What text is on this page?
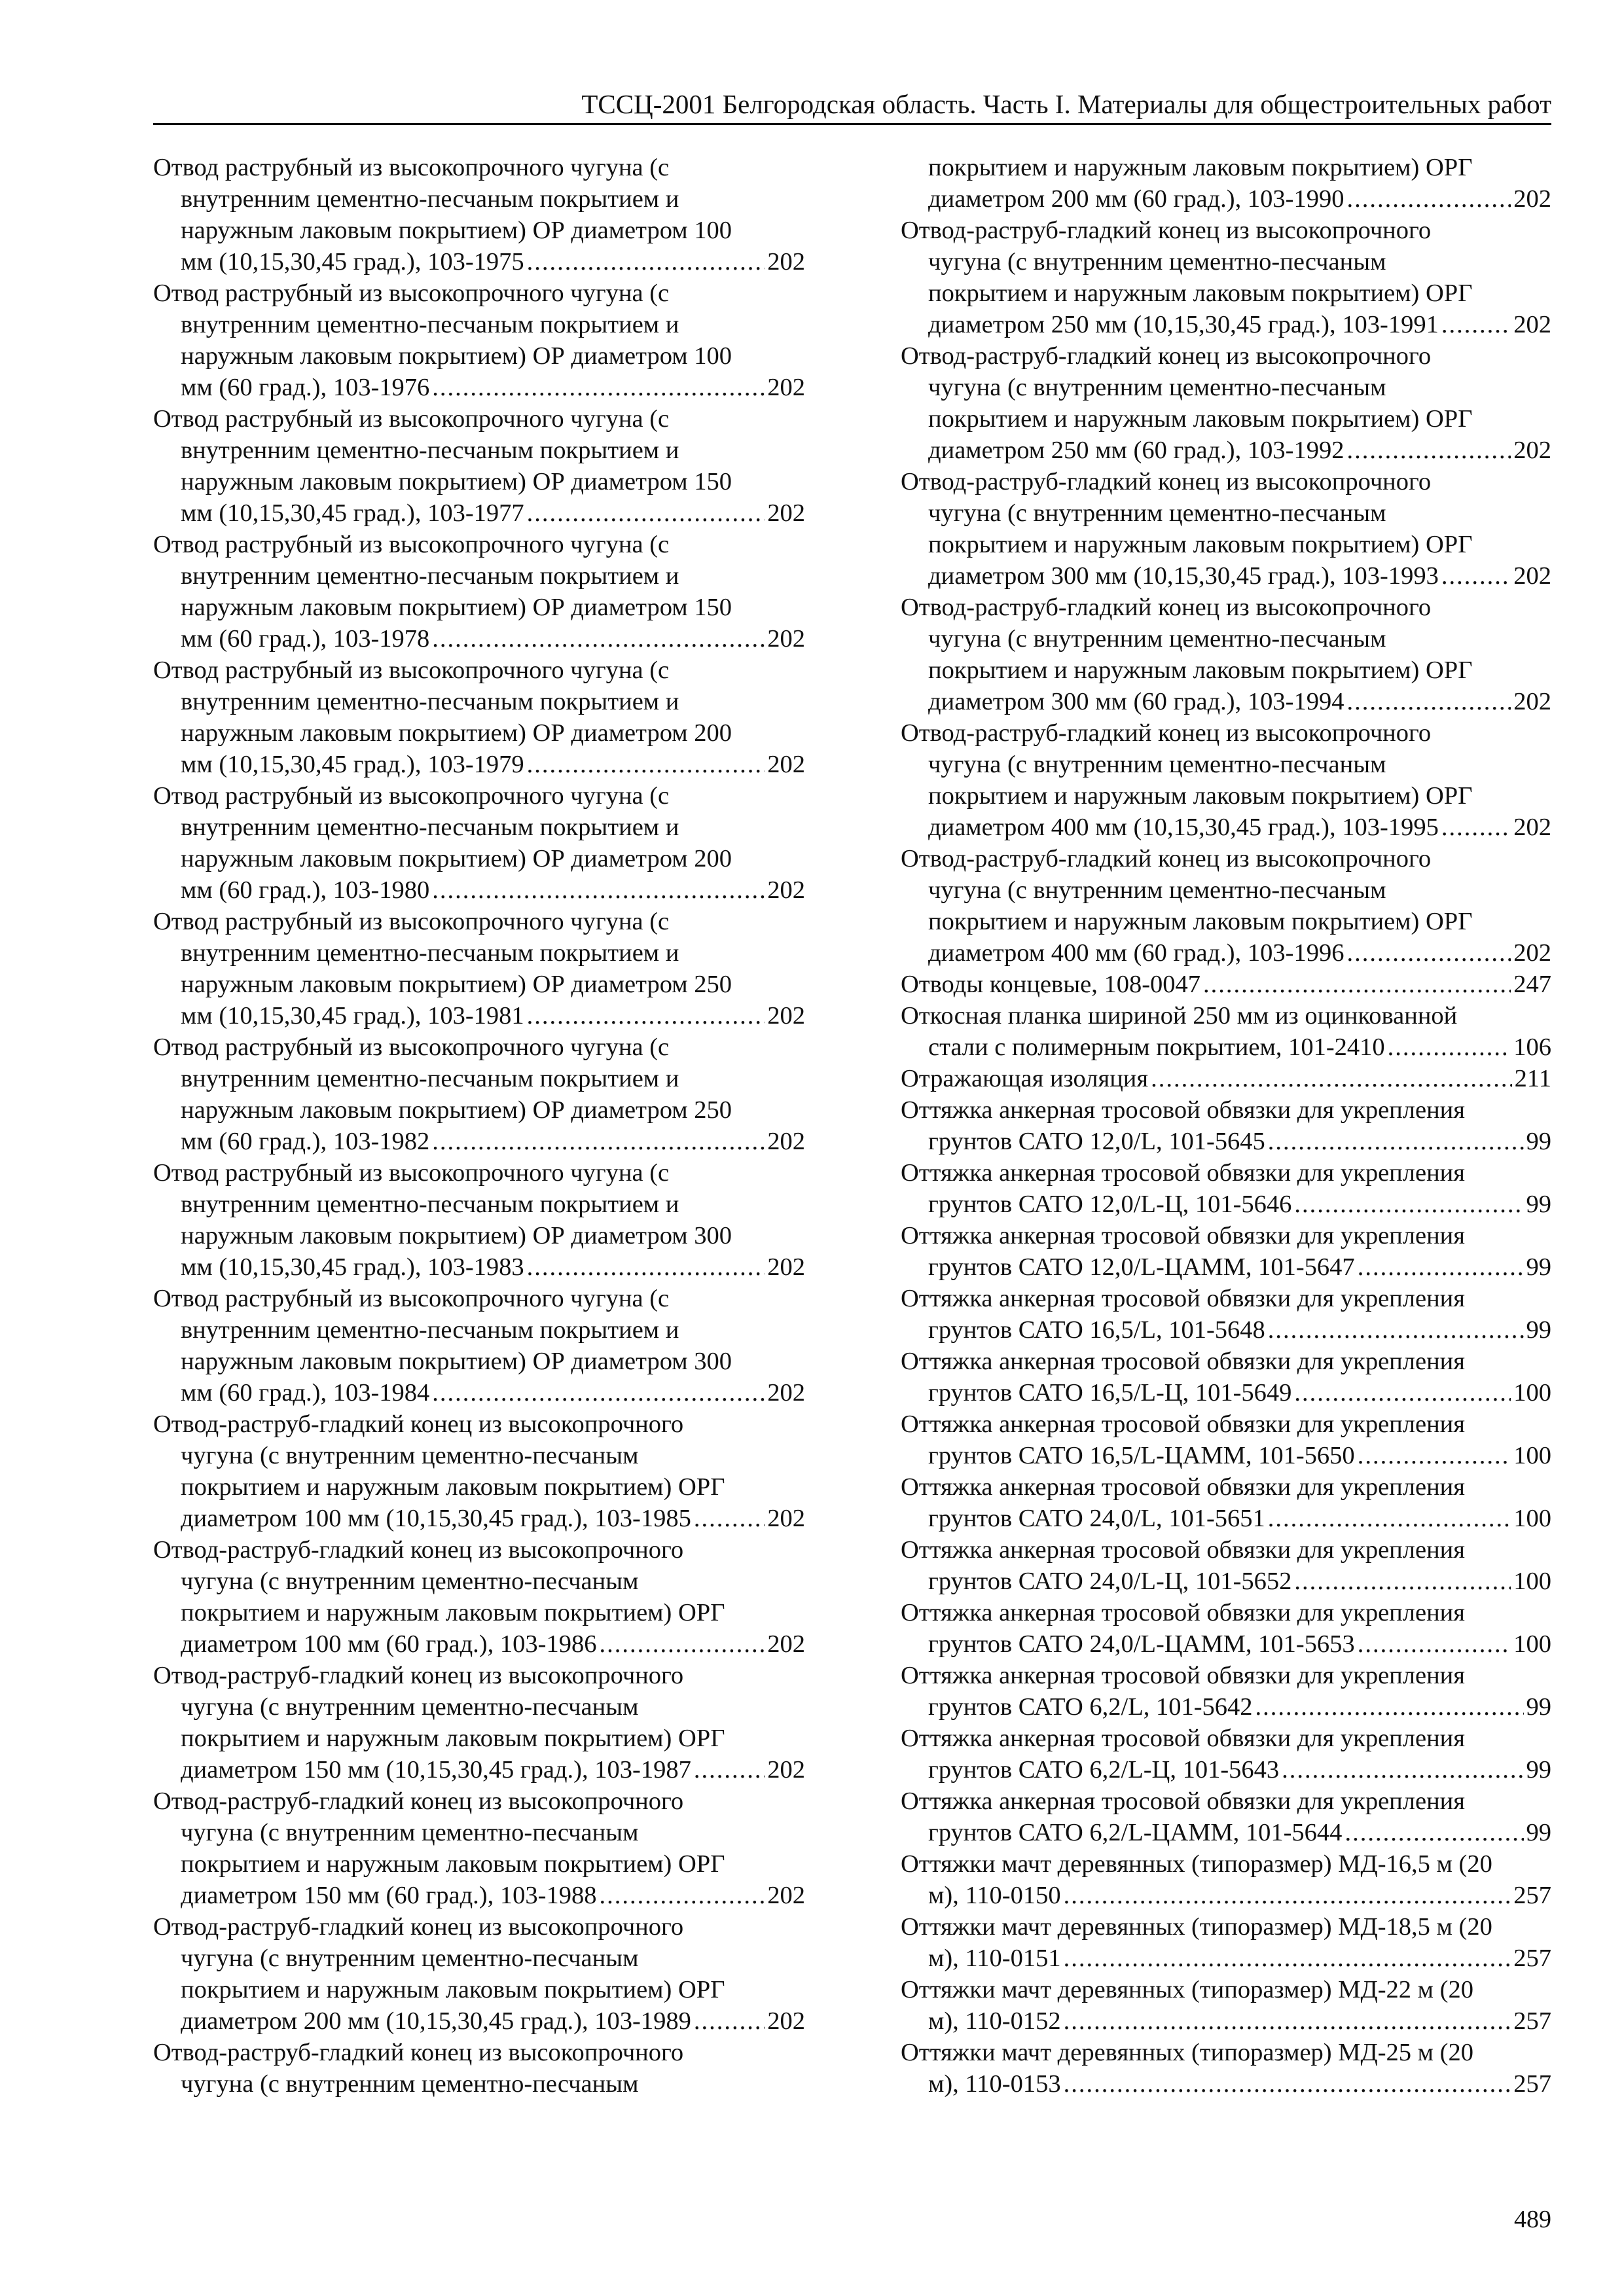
ТССЦ-2001 Белгородская область. Часть I. Материалы для общестроительных работ
Отвод раструбный из высокопрочного чугуна (с
внутренним цементно-песчаным покрытием и
наружным лаковым покрытием) ОР диаметром 100
мм (10,15,30,45 град.), 103-1975 .....	202
Отвод раструбный из высокопрочного чугуна (с
внутренним цементно-песчаным покрытием и
наружным лаковым покрытием) ОР диаметром 100
мм (60 град.), 103-1976 .....	202
Отвод раструбный из высокопрочного чугуна (с
внутренним цементно-песчаным покрытием и
наружным лаковым покрытием) ОР диаметром 150
мм (10,15,30,45 град.), 103-1977 .....	202
Отвод раструбный из высокопрочного чугуна (с
внутренним цементно-песчаным покрытием и
наружным лаковым покрытием) ОР диаметром 150
мм (60 град.), 103-1978 .....	202
Отвод раструбный из высокопрочного чугуна (с
внутренним цементно-песчаным покрытием и
наружным лаковым покрытием) ОР диаметром 200
мм (10,15,30,45 град.), 103-1979 .....	202
Отвод раструбный из высокопрочного чугуна (с
внутренним цементно-песчаным покрытием и
наружным лаковым покрытием) ОР диаметром 200
мм (60 град.), 103-1980 .....	202
Отвод раструбный из высокопрочного чугуна (с
внутренним цементно-песчаным покрытием и
наружным лаковым покрытием) ОР диаметром 250
мм (10,15,30,45 град.), 103-1981 .....	202
Отвод раструбный из высокопрочного чугуна (с
внутренним цементно-песчаным покрытием и
наружным лаковым покрытием) ОР диаметром 250
мм (60 град.), 103-1982 .....	202
Отвод раструбный из высокопрочного чугуна (с
внутренним цементно-песчаным покрытием и
наружным лаковым покрытием) ОР диаметром 300
мм (10,15,30,45 град.), 103-1983 .....	202
Отвод раструбный из высокопрочного чугуна (с
внутренним цементно-песчаным покрытием и
наружным лаковым покрытием) ОР диаметром 300
мм (60 град.), 103-1984 .....	202
Отвод-раструб-гладкий конец из высокопрочного
чугуна (с внутренним цементно-песчаным
покрытием и наружным лаковым покрытием) ОРГ
диаметром 100 мм (10,15,30,45 град.), 103-1985 .....	202
Отвод-раструб-гладкий конец из высокопрочного
чугуна (с внутренним цементно-песчаным
покрытием и наружным лаковым покрытием) ОРГ
диаметром 100 мм (60 град.), 103-1986 .....	202
Отвод-раструб-гладкий конец из высокопрочного
чугуна (с внутренним цементно-песчаным
покрытием и наружным лаковым покрытием) ОРГ
диаметром 150 мм (10,15,30,45 град.), 103-1987 .....	202
Отвод-раструб-гладкий конец из высокопрочного
чугуна (с внутренним цементно-песчаным
покрытием и наружным лаковым покрытием) ОРГ
диаметром 150 мм (60 град.), 103-1988 .....	202
Отвод-раструб-гладкий конец из высокопрочного
чугуна (с внутренним цементно-песчаным
покрытием и наружным лаковым покрытием) ОРГ
диаметром 200 мм (10,15,30,45 град.), 103-1989 .....	202
Отвод-раструб-гладкий конец из высокопрочного
чугуна (с внутренним цементно-песчаным
покрытием и наружным лаковым покрытием) ОРГ
диаметром 200 мм (60 град.), 103-1990 .....	202
Отвод-раструб-гладкий конец из высокопрочного
чугуна (с внутренним цементно-песчаным
покрытием и наружным лаковым покрытием) ОРГ
диаметром 250 мм (10,15,30,45 град.), 103-1991 .....	202
Отвод-раструб-гладкий конец из высокопрочного
чугуна (с внутренним цементно-песчаным
покрытием и наружным лаковым покрытием) ОРГ
диаметром 250 мм (60 град.), 103-1992 .....	202
Отвод-раструб-гладкий конец из высокопрочного
чугуна (с внутренним цементно-песчаным
покрытием и наружным лаковым покрытием) ОРГ
диаметром 300 мм (10,15,30,45 град.), 103-1993 .....	202
Отвод-раструб-гладкий конец из высокопрочного
чугуна (с внутренним цементно-песчаным
покрытием и наружным лаковым покрытием) ОРГ
диаметром 300 мм (60 град.), 103-1994 .....	202
Отвод-раструб-гладкий конец из высокопрочного
чугуна (с внутренним цементно-песчаным
покрытием и наружным лаковым покрытием) ОРГ
диаметром 400 мм (10,15,30,45 град.), 103-1995 .....	202
Отвод-раструб-гладкий конец из высокопрочного
чугуна (с внутренним цементно-песчаным
покрытием и наружным лаковым покрытием) ОРГ
диаметром 400 мм (60 град.), 103-1996 .....	202
Отводы концевые, 108-0047 .....	247
Откосная планка шириной 250 мм из оцинкованной
стали с полимерным покрытием, 101-2410 .....	106
Отражающая изоляция .....	211
Оттяжка анкерная тросовой обвязки для укрепления
грунтов САТО 12,0/L, 101-5645 .....	99
Оттяжка анкерная тросовой обвязки для укрепления
грунтов САТО 12,0/L-Ц, 101-5646 .....	99
Оттяжка анкерная тросовой обвязки для укрепления
грунтов САТО 12,0/L-ЦАММ, 101-5647 .....	99
Оттяжка анкерная тросовой обвязки для укрепления
грунтов САТО 16,5/L, 101-5648 .....	99
Оттяжка анкерная тросовой обвязки для укрепления
грунтов САТО 16,5/L-Ц, 101-5649 .....	100
Оттяжка анкерная тросовой обвязки для укрепления
грунтов САТО 16,5/L-ЦАММ, 101-5650 .....	100
Оттяжка анкерная тросовой обвязки для укрепления
грунтов САТО 24,0/L, 101-5651 .....	100
Оттяжка анкерная тросовой обвязки для укрепления
грунтов САТО 24,0/L-Ц, 101-5652 .....	100
Оттяжка анкерная тросовой обвязки для укрепления
грунтов САТО 24,0/L-ЦАММ, 101-5653 .....	100
Оттяжка анкерная тросовой обвязки для укрепления
грунтов САТО 6,2/L, 101-5642 .....	99
Оттяжка анкерная тросовой обвязки для укрепления
грунтов САТО 6,2/L-Ц, 101-5643 .....	99
Оттяжка анкерная тросовой обвязки для укрепления
грунтов САТО 6,2/L-ЦАММ, 101-5644 .....	99
Оттяжки мачт деревянных (типоразмер) МД-16,5 м (20
м), 110-0150 .....	257
Оттяжки мачт деревянных (типоразмер) МД-18,5 м (20
м), 110-0151 .....	257
Оттяжки мачт деревянных (типоразмер) МД-22 м (20
м), 110-0152 .....	257
Оттяжки мачт деревянных (типоразмер) МД-25 м (20
м), 110-0153 .....	257
489
